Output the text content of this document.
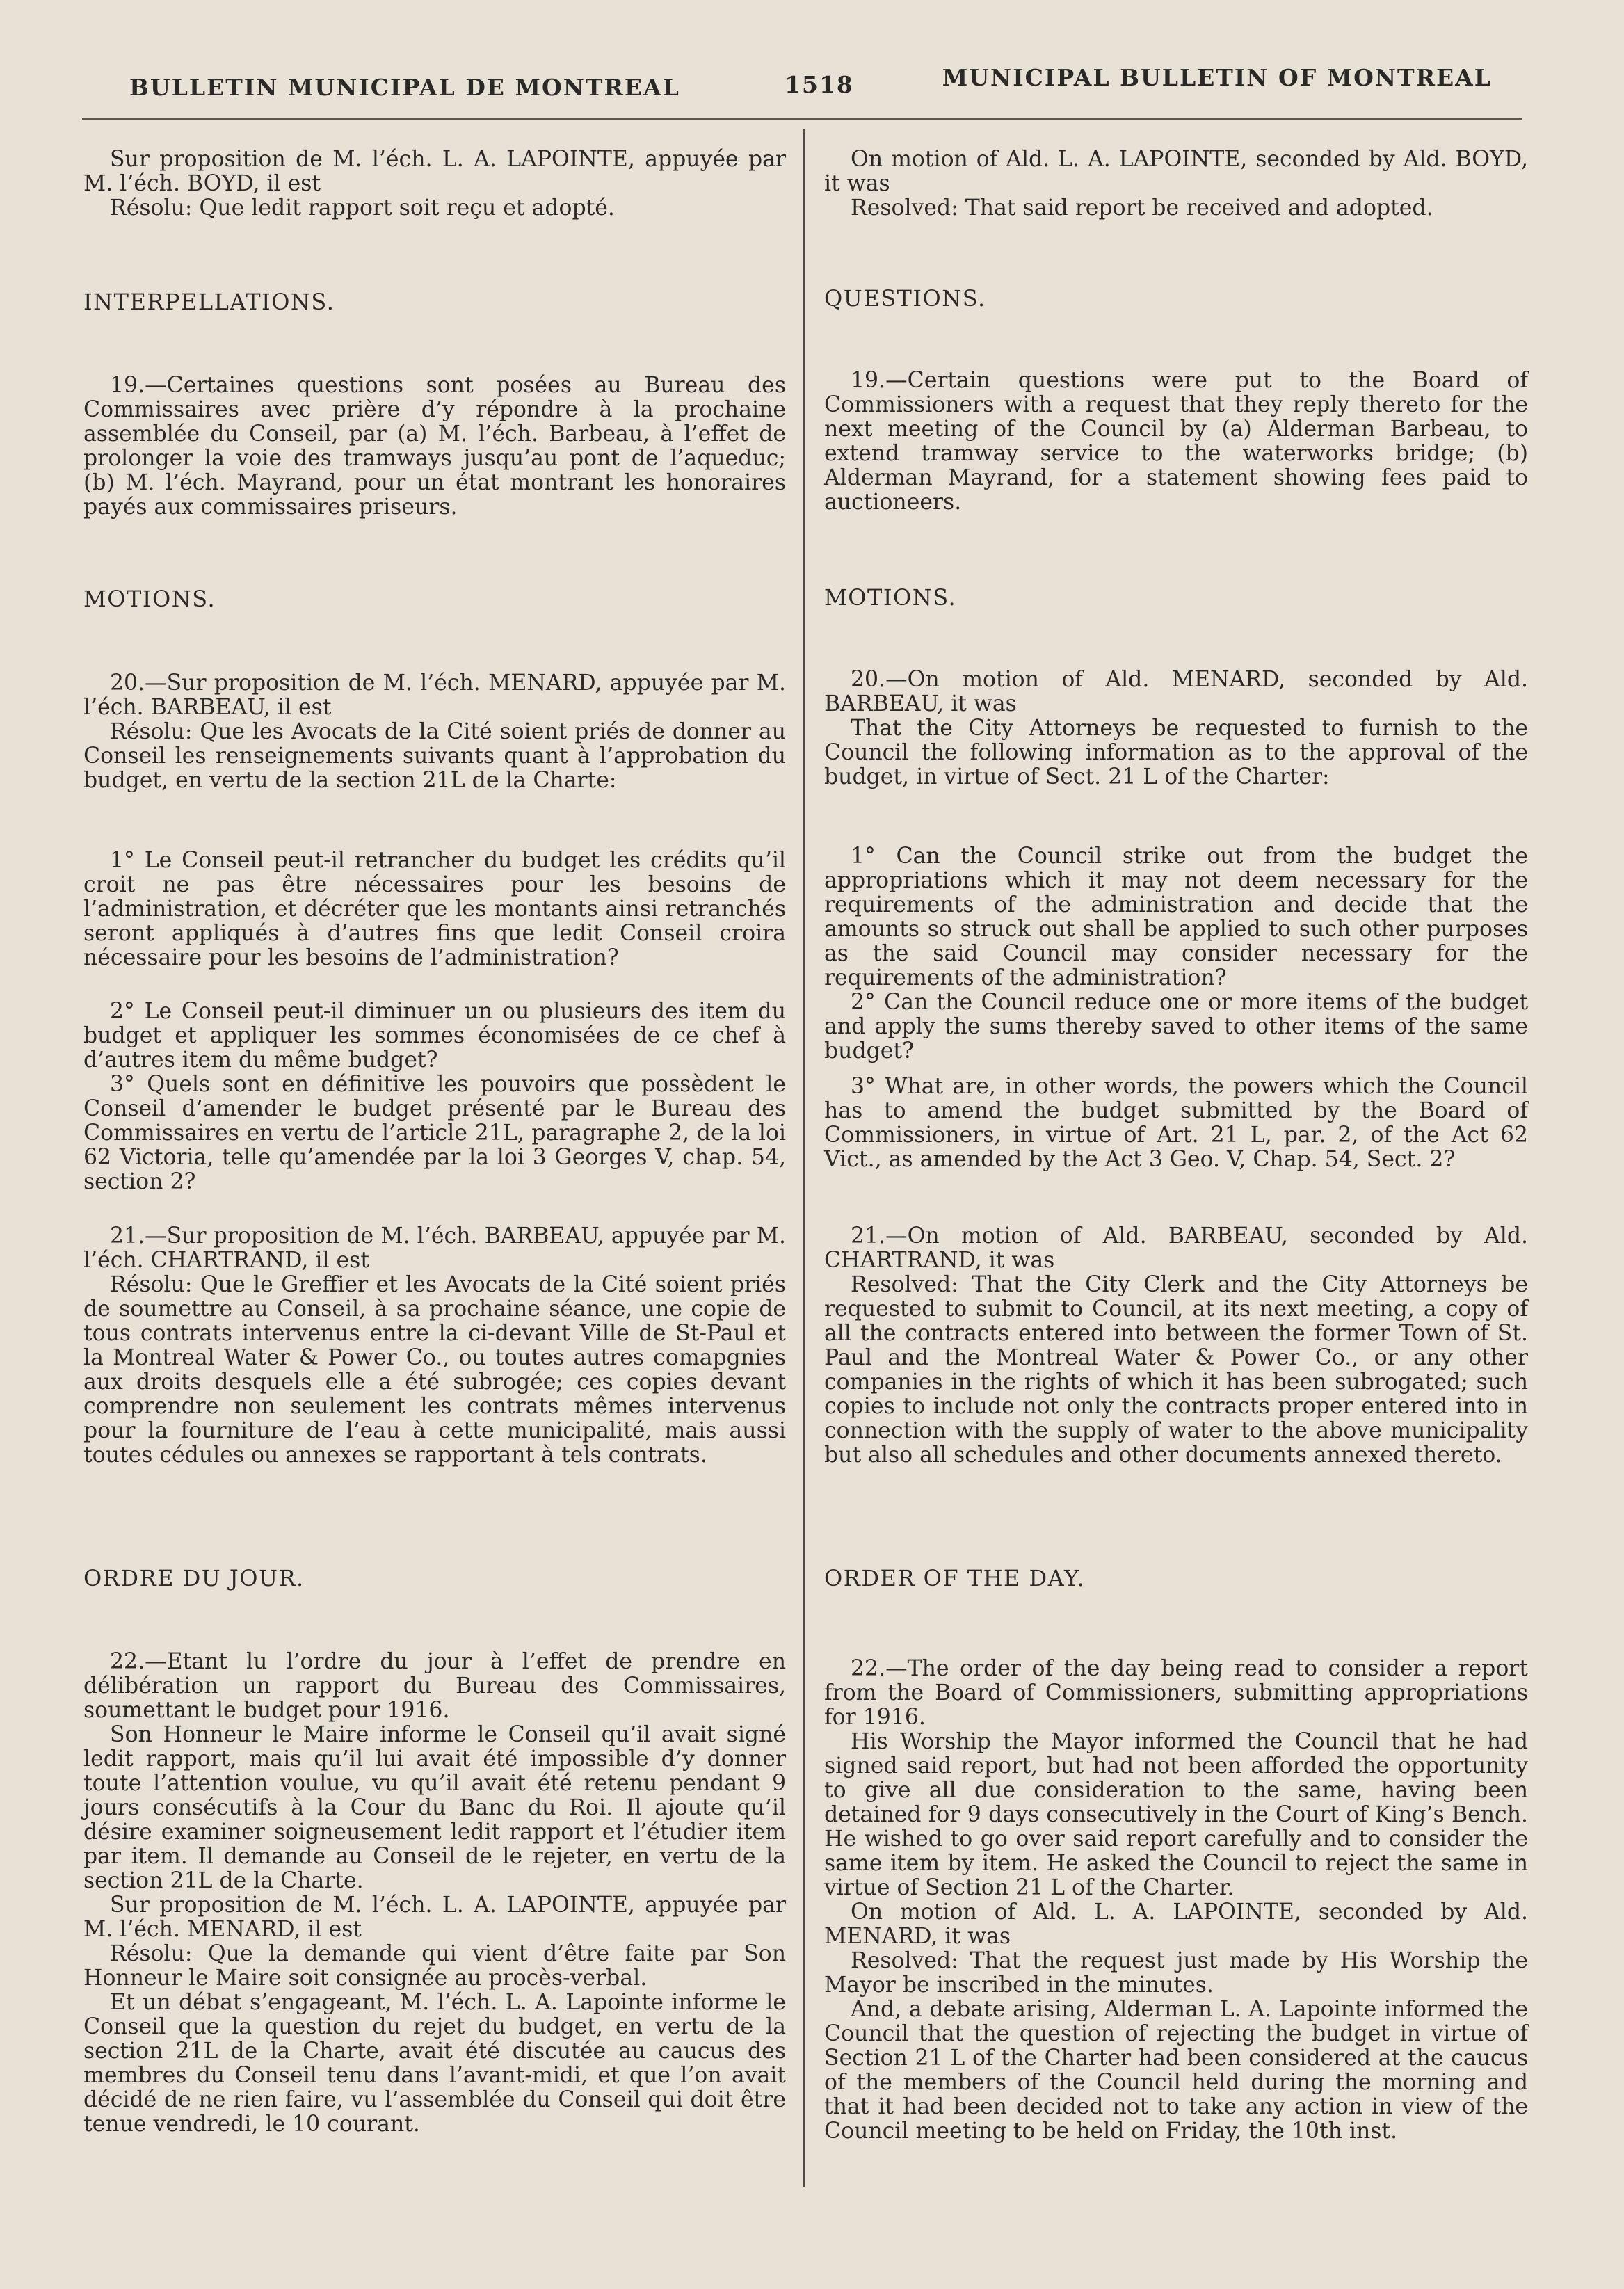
BULLETIN MUNICIPAL DE MONTREAL	1518	MUNICIPAL BULLETIN OF MONTREAL

Sur proposition de M. l’éch. L. A. LAPOINTE, appuyée par M. l’éch. BOYD, il est

Résolu: Que ledit rapport soit reçu et adopté.

INTERPELLATIONS.

19.—Certaines questions sont posées au Bureau des Commissaires avec prière d’y répondre à la prochaine assemblée du Conseil, par (a) M. l’éch. Barbeau, à l’effet de prolonger la voie des tramways jusqu’au pont de l’aqueduc; (b) M. l’éch. Mayrand, pour un état montrant les honoraires payés aux commissaires priseurs.

MOTIONS.

20.—Sur proposition de M. l’éch. MENARD, appuyée par M. l’éch. BARBEAU, il est

Résolu: Que les Avocats de la Cité soient priés de donner au Conseil les renseignements suivants quant à l’approbation du budget, en vertu de la section 21L de la Charte:

1° Le Conseil peut-il retrancher du budget les crédits qu’il croit ne pas être nécessaires pour les besoins de l’administration, et décréter que les montants ainsi retranchés seront appliqués à d’autres fins que ledit Conseil croira nécessaire pour les besoins de l’administration?

2° Le Conseil peut-il diminuer un ou plusieurs des item du budget et appliquer les sommes économisées de ce chef à d’autres item du même budget?

3° Quels sont en définitive les pouvoirs que possèdent le Conseil d’amender le budget présenté par le Bureau des Commissaires en vertu de l’article 21L, paragraphe 2, de la loi 62 Victoria, telle qu’amendée par la loi 3 Georges V, chap. 54, section 2?

21.—Sur proposition de M. l’éch. BARBEAU, appuyée par M. l’éch. CHARTRAND, il est

Résolu: Que le Greffier et les Avocats de la Cité soient priés de soumettre au Conseil, à sa prochaine séance, une copie de tous contrats intervenus entre la ci-devant Ville de St-Paul et la Montreal Water & Power Co., ou toutes autres comapgnies aux droits desquels elle a été subrogée; ces copies devant comprendre non seulement les contrats mêmes intervenus pour la fourniture de l’eau à cette municipalité, mais aussi toutes cédules ou annexes se rapportant à tels contrats.

ORDRE DU JOUR.

22.—Etant lu l’ordre du jour à l’effet de prendre en délibération un rapport du Bureau des Commissaires, soumettant le budget pour 1916.

Son Honneur le Maire informe le Conseil qu’il avait signé ledit rapport, mais qu’il lui avait été impossible d’y donner toute l’attention voulue, vu qu’il avait été retenu pendant 9 jours consécutifs à la Cour du Banc du Roi. Il ajoute qu’il désire examiner soigneusement ledit rapport et l’étudier item par item. Il demande au Conseil de le rejeter, en vertu de la section 21L de la Charte.

Sur proposition de M. l’éch. L. A. LAPOINTE, appuyée par M. l’éch. MENARD, il est

Résolu: Que la demande qui vient d’être faite par Son Honneur le Maire soit consignée au procès-verbal.

Et un débat s’engageant, M. l’éch. L. A. Lapointe informe le Conseil que la question du rejet du budget, en vertu de la section 21L de la Charte, avait été discutée au caucus des membres du Conseil tenu dans l’avant-midi, et que l’on avait décidé de ne rien faire, vu l’assemblée du Conseil qui doit être tenue vendredi, le 10 courant.

On motion of Ald. L. A. LAPOINTE, seconded by Ald. BOYD, it was

Resolved: That said report be received and adopted.

QUESTIONS.

19.—Certain questions were put to the Board of Commissioners with a request that they reply thereto for the next meeting of the Council by (a) Alderman Barbeau, to extend tramway service to the waterworks bridge; (b) Alderman Mayrand, for a statement showing fees paid to auctioneers.

MOTIONS.

20.—On motion of Ald. MENARD, seconded by Ald. BARBEAU, it was

That the City Attorneys be requested to furnish to the Council the following information as to the approval of the budget, in virtue of Sect. 21 L of the Charter:

1° Can the Council strike out from the budget the appropriations which it may not deem necessary for the requirements of the administration and decide that the amounts so struck out shall be applied to such other purposes as the said Council may consider necessary for the requirements of the administration?

2° Can the Council reduce one or more items of the budget and apply the sums thereby saved to other items of the same budget?

3° What are, in other words, the powers which the Council has to amend the budget submitted by the Board of Commissioners, in virtue of Art. 21 L, par. 2, of the Act 62 Vict., as amended by the Act 3 Geo. V, Chap. 54, Sect. 2?

21.—On motion of Ald. BARBEAU, seconded by Ald. CHARTRAND, it was

Resolved: That the City Clerk and the City Attorneys be requested to submit to Council, at its next meeting, a copy of all the contracts entered into between the former Town of St. Paul and the Montreal Water & Power Co., or any other companies in the rights of which it has been subrogated; such copies to include not only the contracts proper entered into in connection with the supply of water to the above municipality but also all schedules and other documents annexed thereto.

ORDER OF THE DAY.

22.—The order of the day being read to consider a report from the Board of Commissioners, submitting appropriations for 1916.

His Worship the Mayor informed the Council that he had signed said report, but had not been afforded the opportunity to give all due consideration to the same, having been detained for 9 days consecutively in the Court of King’s Bench. He wished to go over said report carefully and to consider the same item by item. He asked the Council to reject the same in virtue of Section 21 L of the Charter.

On motion of Ald. L. A. LAPOINTE, seconded by Ald. MENARD, it was

Resolved: That the request just made by His Worship the Mayor be inscribed in the minutes.

And, a debate arising, Alderman L. A. Lapointe informed the Council that the question of rejecting the budget in virtue of Section 21 L of the Charter had been considered at the caucus of the members of the Council held during the morning and that it had been decided not to take any action in view of the Council meeting to be held on Friday, the 10th inst.
